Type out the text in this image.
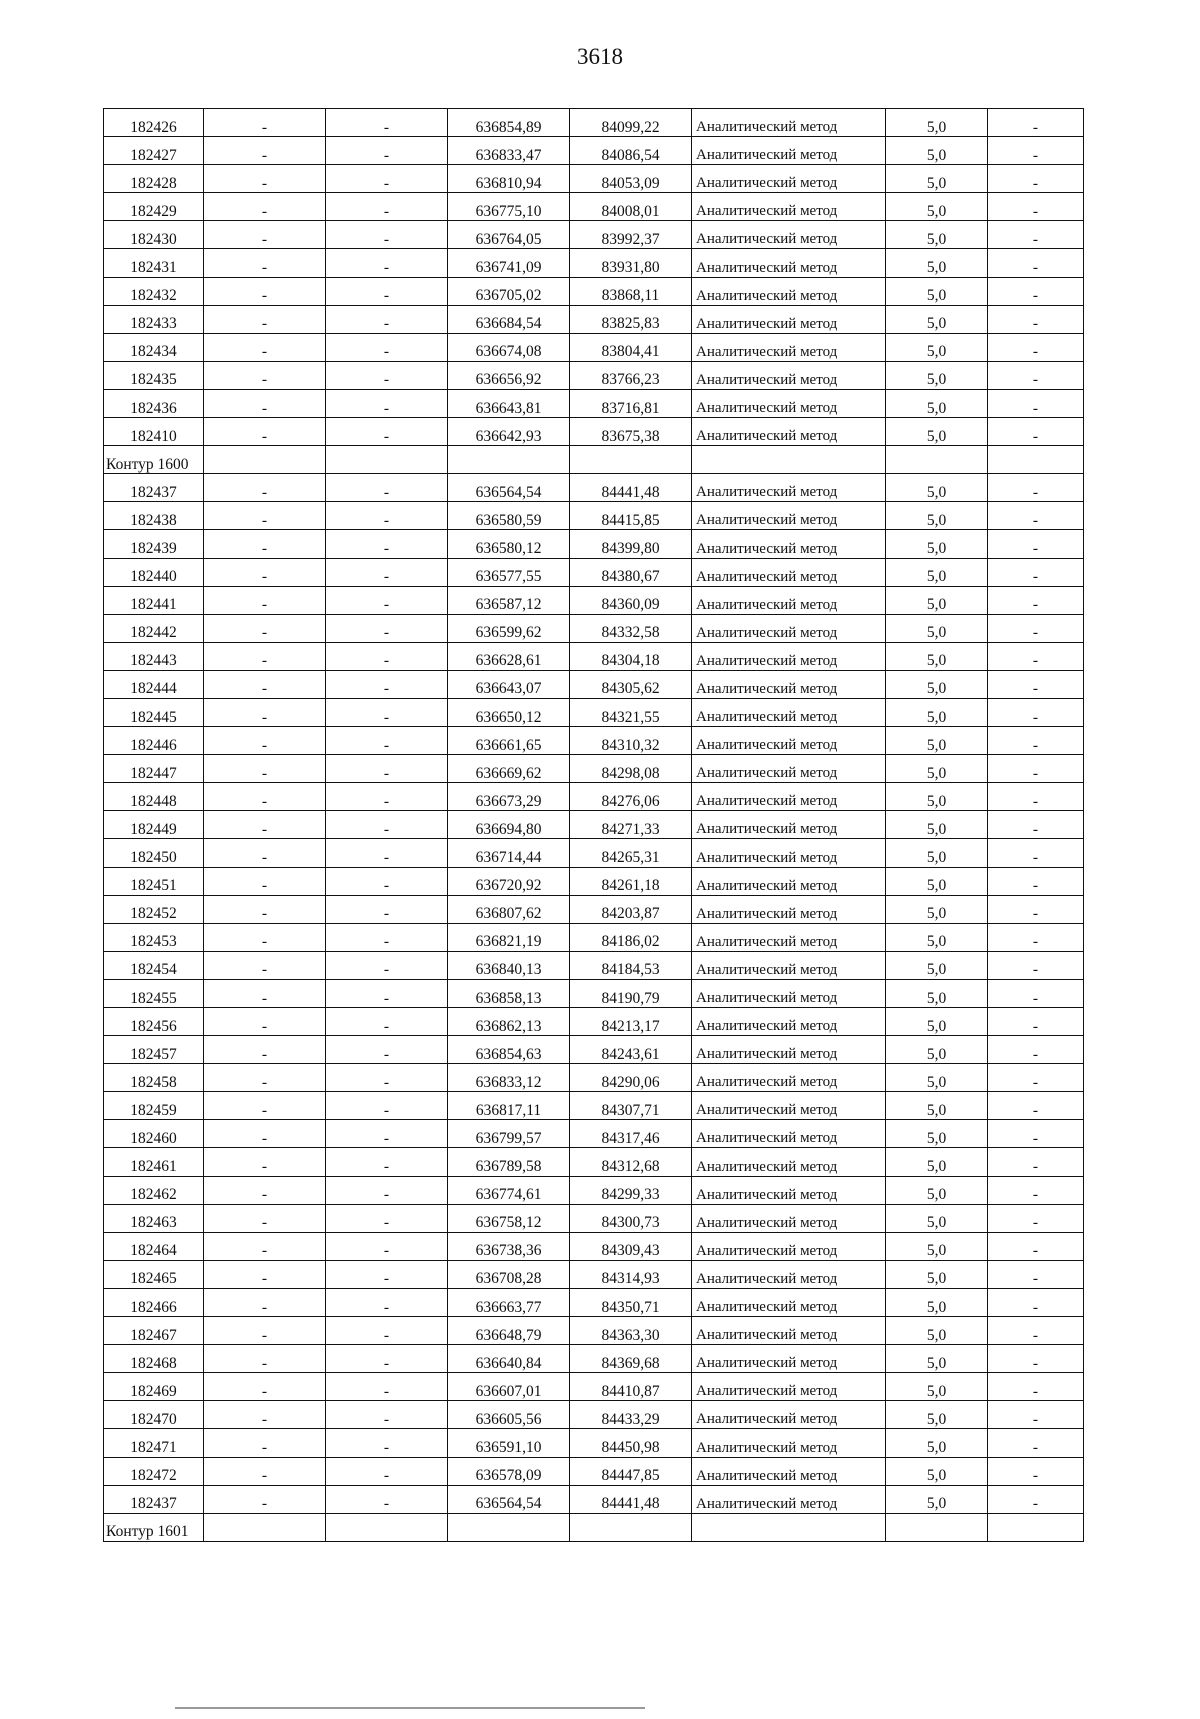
3618
182426	-	-	636854,89	84099,22	Аналитический метод	5,0	-
182427	-	-	636833,47	84086,54	Аналитический метод	5,0	-
182428	-	-	636810,94	84053,09	Аналитический метод	5,0	-
182429	-	-	636775,10	84008,01	Аналитический метод	5,0	-
182430	-	-	636764,05	83992,37	Аналитический метод	5,0	-
182431	-	-	636741,09	83931,80	Аналитический метод	5,0	-
182432	-	-	636705,02	83868,11	Аналитический метод	5,0	-
182433	-	-	636684,54	83825,83	Аналитический метод	5,0	-
182434	-	-	636674,08	83804,41	Аналитический метод	5,0	-
182435	-	-	636656,92	83766,23	Аналитический метод	5,0	-
182436	-	-	636643,81	83716,81	Аналитический метод	5,0	-
182410	-	-	636642,93	83675,38	Аналитический метод	5,0	-
Контур 1600							
182437	-	-	636564,54	84441,48	Аналитический метод	5,0	-
182438	-	-	636580,59	84415,85	Аналитический метод	5,0	-
182439	-	-	636580,12	84399,80	Аналитический метод	5,0	-
182440	-	-	636577,55	84380,67	Аналитический метод	5,0	-
182441	-	-	636587,12	84360,09	Аналитический метод	5,0	-
182442	-	-	636599,62	84332,58	Аналитический метод	5,0	-
182443	-	-	636628,61	84304,18	Аналитический метод	5,0	-
182444	-	-	636643,07	84305,62	Аналитический метод	5,0	-
182445	-	-	636650,12	84321,55	Аналитический метод	5,0	-
182446	-	-	636661,65	84310,32	Аналитический метод	5,0	-
182447	-	-	636669,62	84298,08	Аналитический метод	5,0	-
182448	-	-	636673,29	84276,06	Аналитический метод	5,0	-
182449	-	-	636694,80	84271,33	Аналитический метод	5,0	-
182450	-	-	636714,44	84265,31	Аналитический метод	5,0	-
182451	-	-	636720,92	84261,18	Аналитический метод	5,0	-
182452	-	-	636807,62	84203,87	Аналитический метод	5,0	-
182453	-	-	636821,19	84186,02	Аналитический метод	5,0	-
182454	-	-	636840,13	84184,53	Аналитический метод	5,0	-
182455	-	-	636858,13	84190,79	Аналитический метод	5,0	-
182456	-	-	636862,13	84213,17	Аналитический метод	5,0	-
182457	-	-	636854,63	84243,61	Аналитический метод	5,0	-
182458	-	-	636833,12	84290,06	Аналитический метод	5,0	-
182459	-	-	636817,11	84307,71	Аналитический метод	5,0	-
182460	-	-	636799,57	84317,46	Аналитический метод	5,0	-
182461	-	-	636789,58	84312,68	Аналитический метод	5,0	-
182462	-	-	636774,61	84299,33	Аналитический метод	5,0	-
182463	-	-	636758,12	84300,73	Аналитический метод	5,0	-
182464	-	-	636738,36	84309,43	Аналитический метод	5,0	-
182465	-	-	636708,28	84314,93	Аналитический метод	5,0	-
182466	-	-	636663,77	84350,71	Аналитический метод	5,0	-
182467	-	-	636648,79	84363,30	Аналитический метод	5,0	-
182468	-	-	636640,84	84369,68	Аналитический метод	5,0	-
182469	-	-	636607,01	84410,87	Аналитический метод	5,0	-
182470	-	-	636605,56	84433,29	Аналитический метод	5,0	-
182471	-	-	636591,10	84450,98	Аналитический метод	5,0	-
182472	-	-	636578,09	84447,85	Аналитический метод	5,0	-
182437	-	-	636564,54	84441,48	Аналитический метод	5,0	-
Контур 1601							
